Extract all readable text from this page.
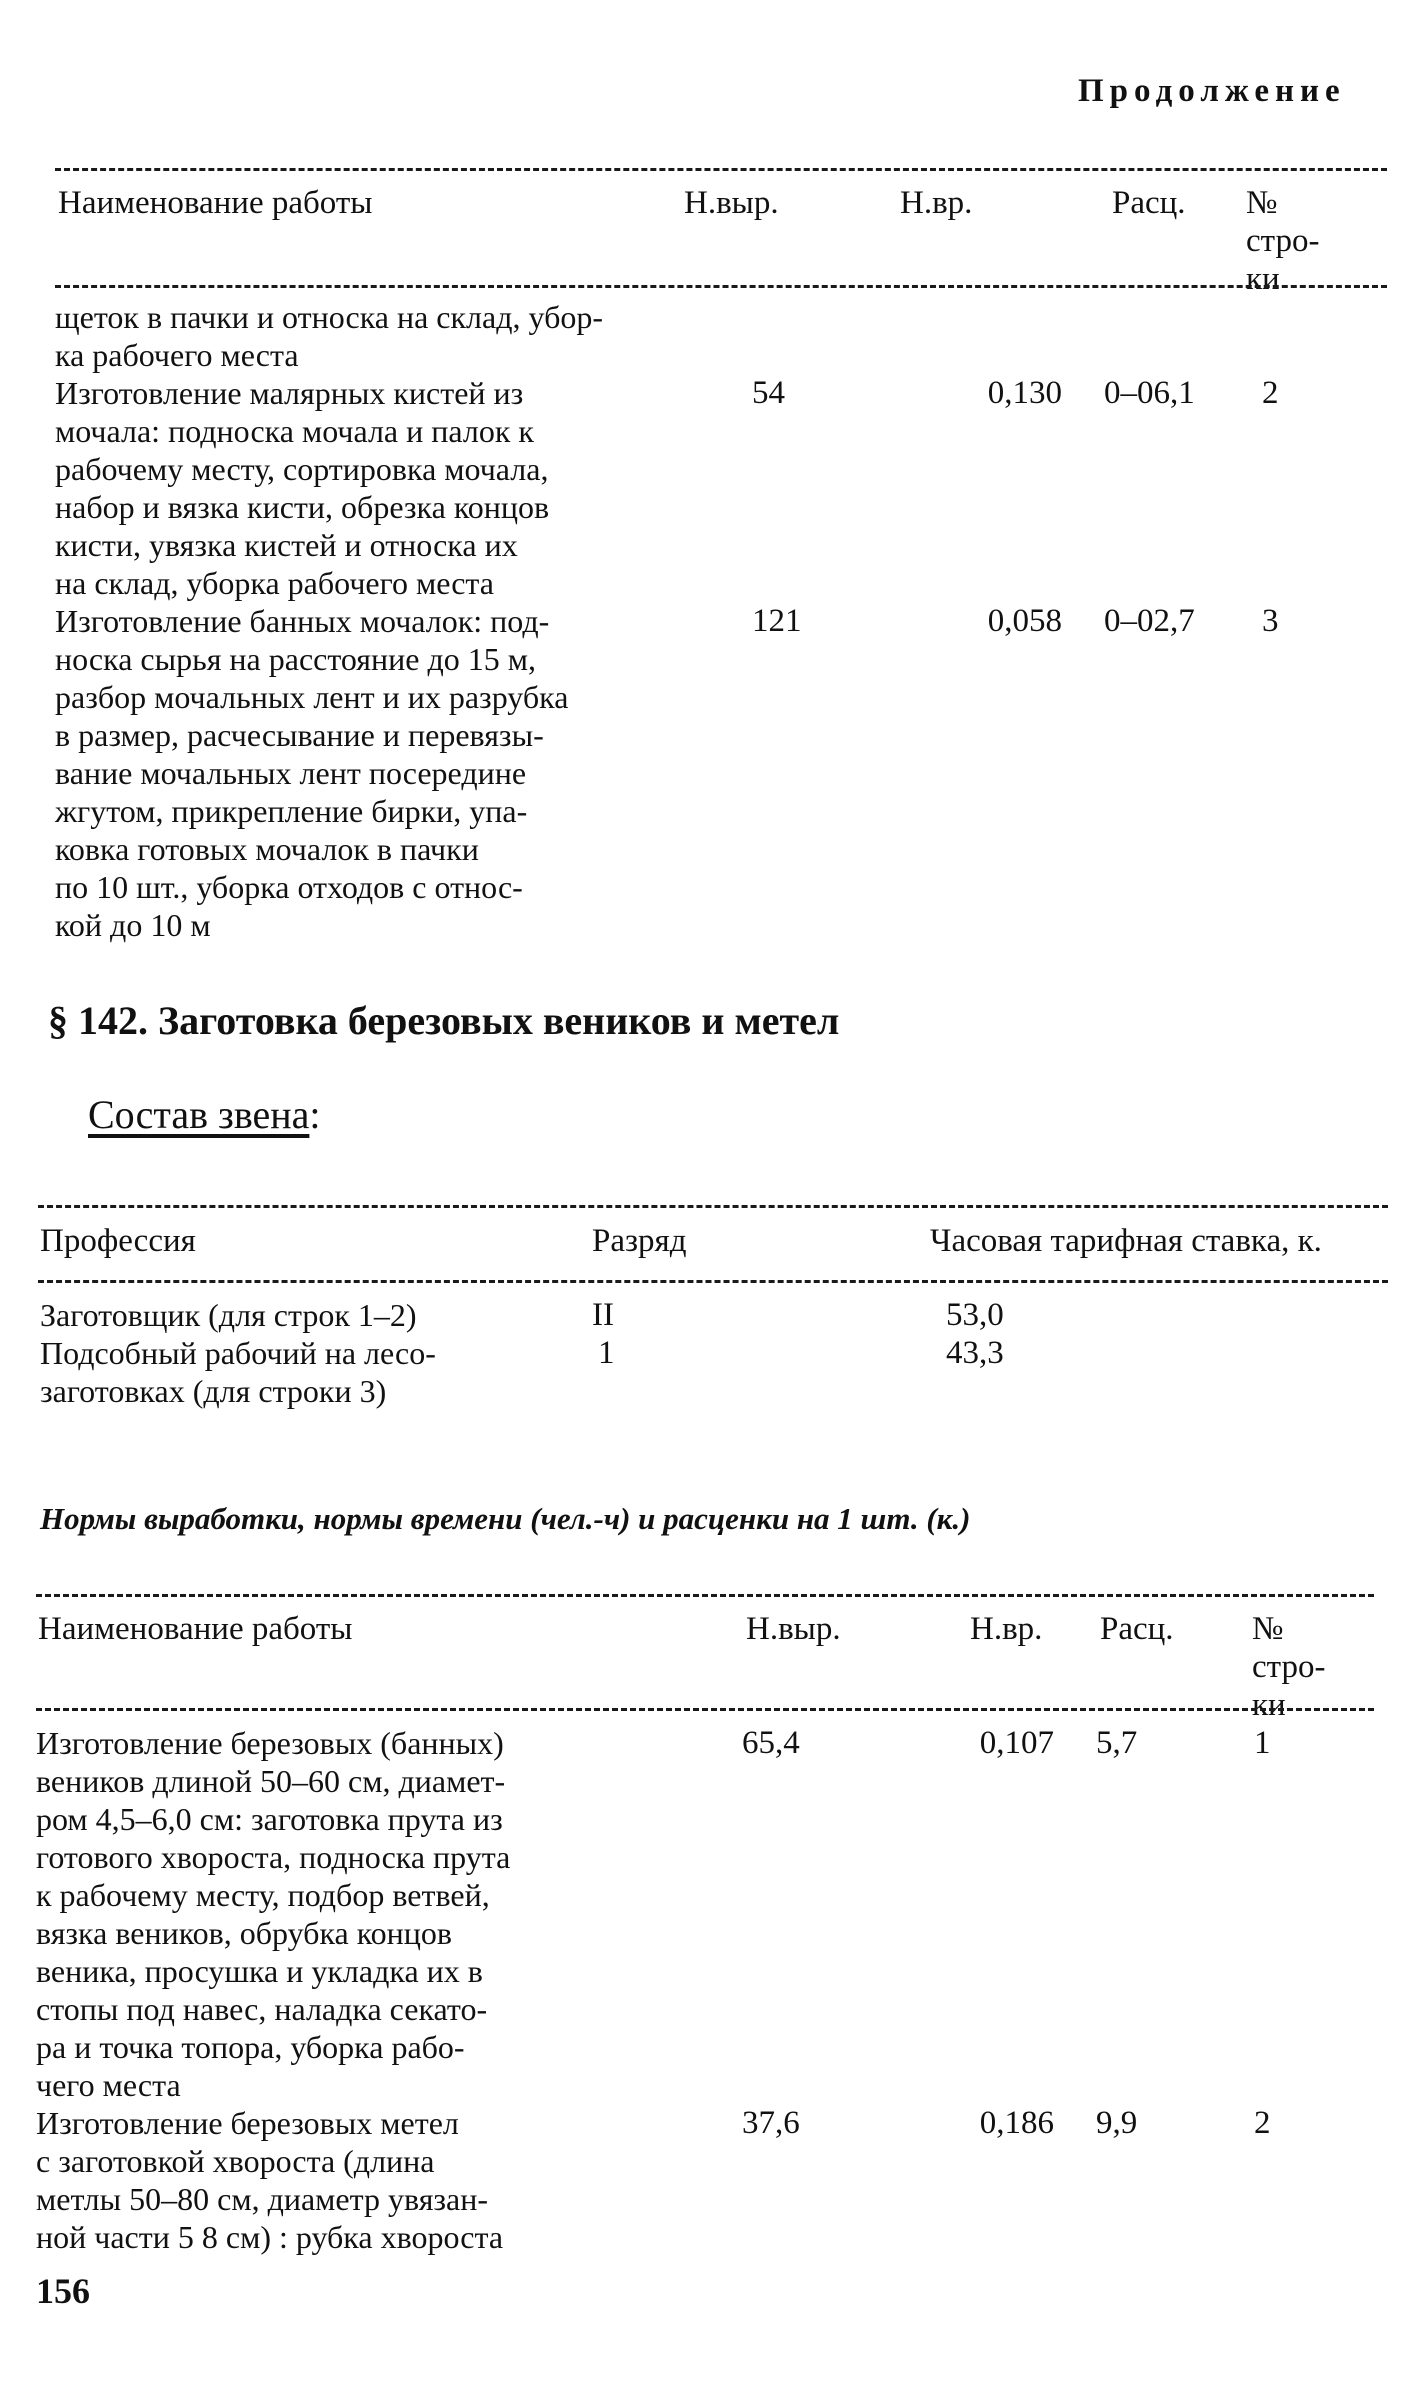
Продолжение
Наименование работы	Н.выр.	Н.вр.	Расц. № стро-
ки
щеток в пачки и относка на склад, убор-
ка рабочего места
Изготовление малярных кистей из
мочала: подноска мочала и палок к
рабочему месту, сортировка мочала,
набор и вязка кисти, обрезка концов
кисти, увязка кистей и относка их
на склад, уборка рабочего места
54	0,130 0–06,1 2
Изготовление банных мочалок: под-
носка сырья на расстояние до 15 м,
разбор мочальных лент и их разрубка
в размер, расчесывание и перевязы-
вание мочальных лент посередине
жгутом, прикрепление бирки, упа-
ковка готовых мочалок в пачки
по 10 шт., уборка отходов с относ-
кой до 10 м
121	0,058 0–02,7 3
§ 142. Заготовка березовых веников и метел
Состав звена:
Профессия	Разряд	Часовая тарифная ставка, к.
Заготовщик (для строк 1–2)	II	53,0
Подсобный рабочий на лесо-
заготовках (для строки 3)
1	43,3
Нормы выработки, нормы времени (чел.-ч) и расценки на 1 шт. (к.)
Наименование работы	Н.выр.	Н.вр. Расц. № стро-
ки
Изготовление березовых (банных)
веников длиной 50–60 см, диамет-
ром 4,5–6,0 см: заготовка прута из
готового хвороста, подноска прута
к рабочему месту, подбор ветвей,
вязка веников, обрубка концов
веника, просушка и укладка их в
стопы под навес, наладка секато-
ра и точка топора, уборка рабо-
чего места
65,4	0,107 5,7	1
Изготовление березовых метел
с заготовкой хвороста (длина
метлы 50–80 см, диаметр увязан-
ной части 5 8 см) : рубка хвороста
37,6	0,186 9,9	2
156
